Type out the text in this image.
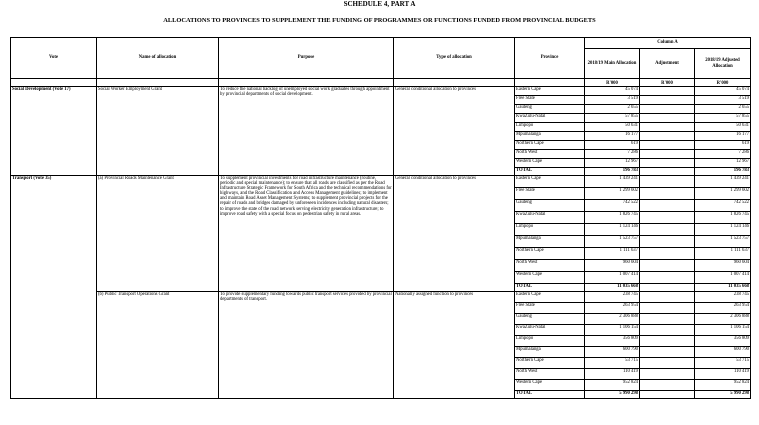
SCHEDULE 4, PART A
ALLOCATIONS TO PROVINCES TO SUPPLEMENT THE FUNDING OF PROGRAMMES OR FUNCTIONS FUNDED FROM PROVINCIAL BUDGETS
Vote	Name of allocation	Purpose	Type of allocation	Province	Column A		
					2018/19 Main Allocation	Adjustment	2018/19 Adjusted Allocation
					R'000	R'000	R'000
Social Development (Vote 17)	Social Worker Employment Grant	To reduce the national backlog of unemployed social work graduates through appointment by provincial departments of social development.	General conditional allocation to provinces	Eastern Cape	45 074		45 074
				Free State	3 519		3 519
				Gauteng	2 655		2 655
				KwaZulu-Natal	57 855		57 855
				Limpopo	50 631		50 631
				Mpumalanga	16 177		16 177
				Northern Cape	619		619
				North West	7 286		7 286
				Western Cape	12 967		12 967
				TOTAL	196 783		196 783
Transport (Vote 35)	(a) Provincial Roads Maintenance Grant	To supplement provincial investments for road infrastructure maintenance (routine, periodic and special maintenance); to ensure that all roads are classified as per the Road Infrastructure Strategic Framework for South Africa and the technical recommendations for highways, and the Road Classification and Access Management guidelines; to implement and maintain Road Asset Management Systems; to supplement provincial projects for the repair of roads and bridges damaged by unforeseen incidences including natural disasters; to improve the state of the road network serving electricity generation infrastructure; to improve road safety with a special focus on pedestrian safety in rural areas.	General conditional allocation to provinces	Eastern Cape	1 439 241		1 439 241
				Free State	1 299 602		1 299 602
				Gauteng	742 522		742 522
				KwaZulu-Natal	1 826 745		1 826 745
				Limpopo	1 124 146		1 124 146
				Mpumalanga	1 523 757		1 523 757
				Northern Cape	1 111 637		1 111 637
				North West	960 604		960 604
				Western Cape	1 007 414		1 007 414
				TOTAL	11 035 668		11 035 668
	(b) Public Transport Operations Grant	To provide supplementary funding towards public transport services provided by provincial departments of transport.	Nationally assigned function to provinces	Eastern Cape	238 745		238 745
				Free State	263 954		263 954
				Gauteng	2 306 888		2 306 888
				KwaZulu-Natal	1 106 154		1 106 154
				Limpopo	356 809		356 809
				Mpumalanga	600 790		600 790
				Northern Cape	53 715		53 715
				North West	110 419		110 419
				Western Cape	952 824		952 824
				TOTAL	5 990 298		5 990 298
